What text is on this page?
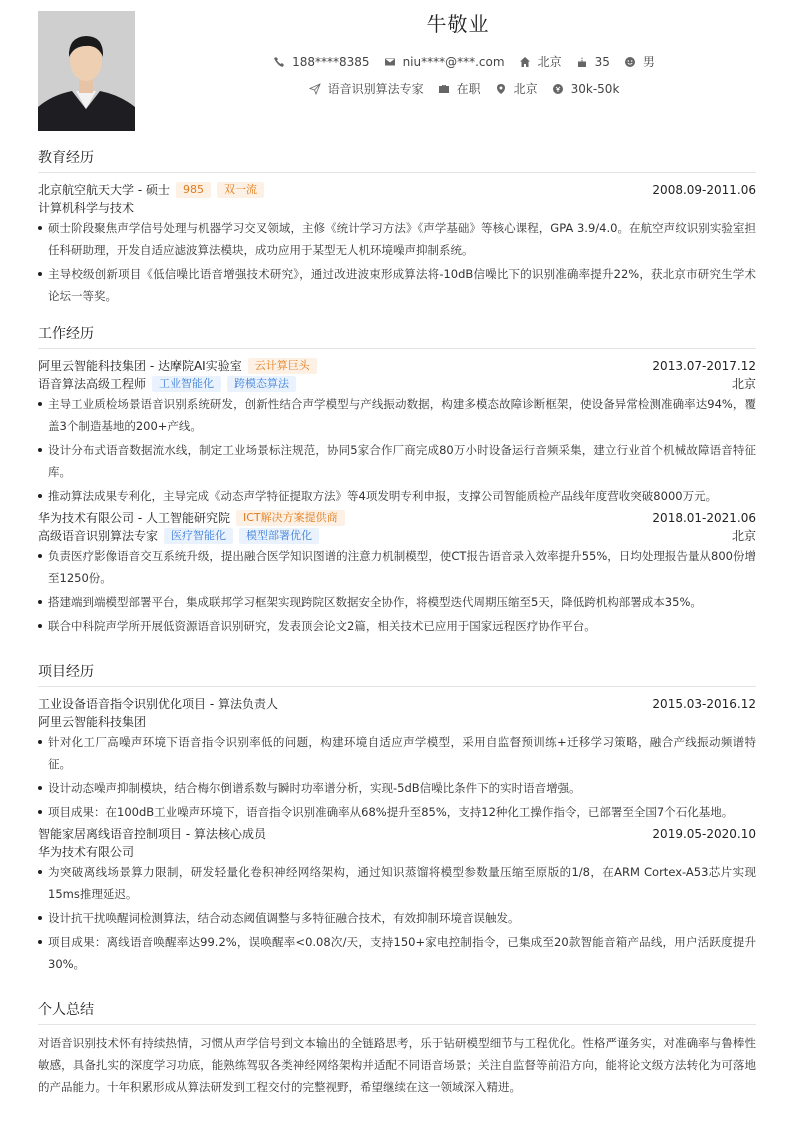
牛敬业
188****8385	niu****@***.com	北京	35	男
语音识别算法专家	在职	北京	30k-50k
教育经历
北京航空航天大学 - 硕士	985	双一流	2008.09-2011.06
计算机科学与技术
硕士阶段聚焦声学信号处理与机器学习交叉领域，主修《统计学习方法》《声学基础》等核心课程，GPA 3.9/4.0。在航空声纹识别实验室担任科研助理，开发自适应滤波算法模块，成功应用于某型无人机环境噪声抑制系统。
主导校级创新项目《低信噪比语音增强技术研究》，通过改进波束形成算法将-10dB信噪比下的识别准确率提升22%，获北京市研究生学术论坛一等奖。
工作经历
阿里云智能科技集团 - 达摩院AI实验室	云计算巨头	2013.07-2017.12
语音算法高级工程师	工业智能化	跨模态算法	北京
主导工业质检场景语音识别系统研发，创新性结合声学模型与产线振动数据，构建多模态故障诊断框架，使设备异常检测准确率达94%，覆盖3个制造基地的200+产线。
设计分布式语音数据流水线，制定工业场景标注规范，协同5家合作厂商完成80万小时设备运行音频采集，建立行业首个机械故障语音特征库。
推动算法成果专利化，主导完成《动态声学特征提取方法》等4项发明专利申报，支撑公司智能质检产品线年度营收突破8000万元。
华为技术有限公司 - 人工智能研究院	ICT解决方案提供商	2018.01-2021.06
高级语音识别算法专家	医疗智能化	模型部署优化	北京
负责医疗影像语音交互系统升级，提出融合医学知识图谱的注意力机制模型，使CT报告语音录入效率提升55%，日均处理报告量从800份增至1250份。
搭建端到端模型部署平台，集成联邦学习框架实现跨院区数据安全协作，将模型迭代周期压缩至5天，降低跨机构部署成本35%。
联合中科院声学所开展低资源语音识别研究，发表顶会论文2篇，相关技术已应用于国家远程医疗协作平台。
项目经历
工业设备语音指令识别优化项目 - 算法负责人	2015.03-2016.12
阿里云智能科技集团
针对化工厂高噪声环境下语音指令识别率低的问题，构建环境自适应声学模型，采用自监督预训练+迁移学习策略，融合产线振动频谱特征。
设计动态噪声抑制模块，结合梅尔倒谱系数与瞬时功率谱分析，实现-5dB信噪比条件下的实时语音增强。
项目成果：在100dB工业噪声环境下，语音指令识别准确率从68%提升至85%，支持12种化工操作指令，已部署至全国7个石化基地。
智能家居离线语音控制项目 - 算法核心成员	2019.05-2020.10
华为技术有限公司
为突破离线场景算力限制，研发轻量化卷积神经网络架构，通过知识蒸馏将模型参数量压缩至原版的1/8，在ARM Cortex-A53芯片实现15ms推理延迟。
设计抗干扰唤醒词检测算法，结合动态阈值调整与多特征融合技术，有效抑制环境音误触发。
项目成果：离线语音唤醒率达99.2%，误唤醒率<0.08次/天，支持150+家电控制指令，已集成至20款智能音箱产品线，用户活跃度提升30%。
个人总结
对语音识别技术怀有持续热情，习惯从声学信号到文本输出的全链路思考，乐于钻研模型细节与工程优化。性格严谨务实，对准确率与鲁棒性敏感，具备扎实的深度学习功底，能熟练驾驭各类神经网络架构并适配不同语音场景；关注自监督等前沿方向，能将论文级方法转化为可落地的产品能力。十年积累形成从算法研发到工程交付的完整视野，希望继续在这一领域深入精进。
